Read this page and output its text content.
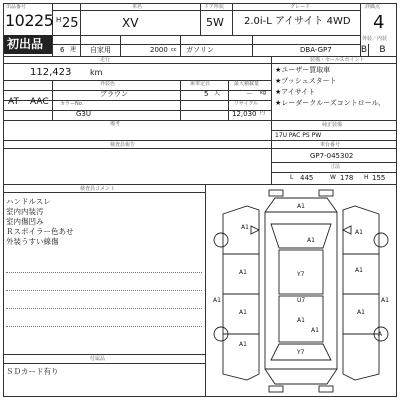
出品番号
10225
初出品
H 25
車名
XV
ドア形状
5W
グレード
2.0i-L アイサイト 4WD
評価点
4
6 速 自家用	2000 cc ガソリン	DBA-GP7
外装／内装
B	B
走行
112,423 km
外装色
ブラウン
乗車定員
5 人
最大積載量
－ kg
AT AAC カラーNo.
G3U
リサイクル
12,030 円
備考
装備・セールスポイント
★ユーザー買取車
★プッシュスタート
★アイサイト
★レーダークルーズコントロール、
純正装備
17U PAC PS PW
検査員報告	車台番号
GP7-045302
寸法
L 445	W 178 H 155
検査員コメント
ハンドルスレ
室内内装汚
室内傷凹み
Ｒスポイラー色あせ
外装うすい線傷
付属品
ＳＤカード有り
A1
A1
A1
A1
A1	A1
Y7
A1	A1
U7
A1
A1
A1
A1	A1
Y7
A
